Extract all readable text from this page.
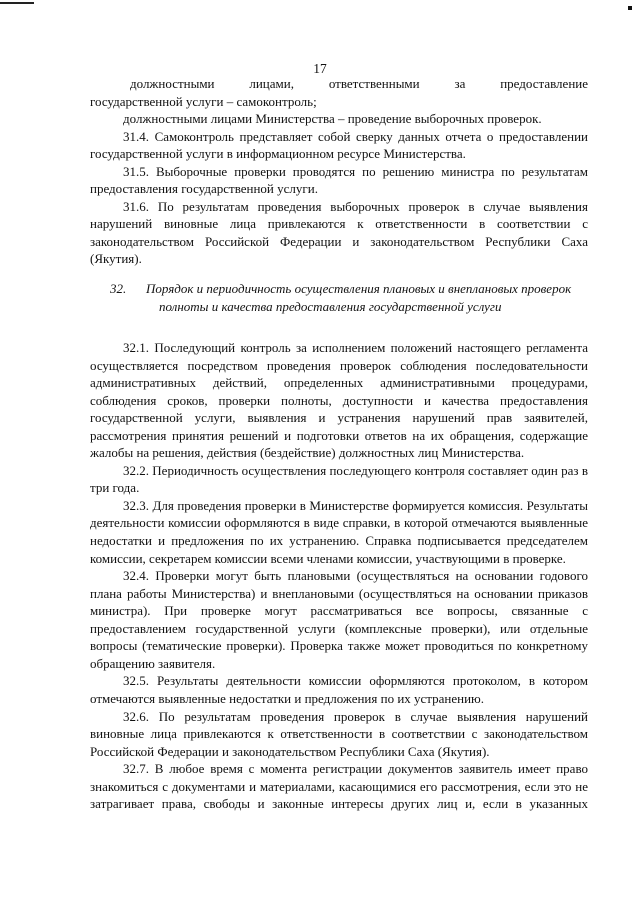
17

должностными лицами, ответственными за предоставление

государственной услуги – самоконтроль;

должностными лицами Министерства – проведение выборочных проверок.

31.4. Самоконтроль представляет собой сверку данных отчета о предоставлении государственной услуги в информационном ресурсе Министерства.

31.5. Выборочные проверки проводятся по решению министра по результатам предоставления государственной услуги.

31.6. По результатам проведения выборочных проверок в случае выявления нарушений виновные лица привлекаются к ответственности в соответствии с законодательством Российской Федерации и законодательством Республики Саха (Якутия).

32.	Порядок и периодичность осуществления плановых и внеплановых проверок
полноты и качества предоставления государственной услуги

32.1. Последующий контроль за исполнением положений настоящего регламента осуществляется посредством проведения проверок соблюдения последовательности административных действий, определенных административными процедурами, соблюдения сроков, проверки полноты, доступности и качества предоставления государственной услуги, выявления и устранения нарушений прав заявителей, рассмотрения принятия решений и подготовки ответов на их обращения, содержащие жалобы на решения, действия (бездействие) должностных лиц Министерства.

32.2. Периодичность осуществления последующего контроля составляет один раз в три года.

32.3. Для проведения проверки в Министерстве формируется комиссия. Результаты деятельности комиссии оформляются в виде справки, в которой отмечаются выявленные недостатки и предложения по их устранению. Справка подписывается председателем комиссии, секретарем комиссии всеми членами комиссии, участвующими в проверке.

32.4. Проверки могут быть плановыми (осуществляться на основании годового плана работы Министерства) и внеплановыми (осуществляться на основании приказов министра). При проверке могут рассматриваться все вопросы, связанные с предоставлением государственной услуги (комплексные проверки), или отдельные вопросы (тематические проверки). Проверка также может проводиться по конкретному обращению заявителя.

32.5. Результаты деятельности комиссии оформляются протоколом, в котором отмечаются выявленные недостатки и предложения по их устранению.

32.6. По результатам проведения проверок в случае выявления нарушений виновные лица привлекаются к ответственности в соответствии с законодательством Российской Федерации и законодательством Республики Саха (Якутия).

32.7. В любое время с момента регистрации документов заявитель имеет право знакомиться с документами и материалами, касающимися его рассмотрения, если это не затрагивает права, свободы и законные интересы других лиц и, если в указанных
